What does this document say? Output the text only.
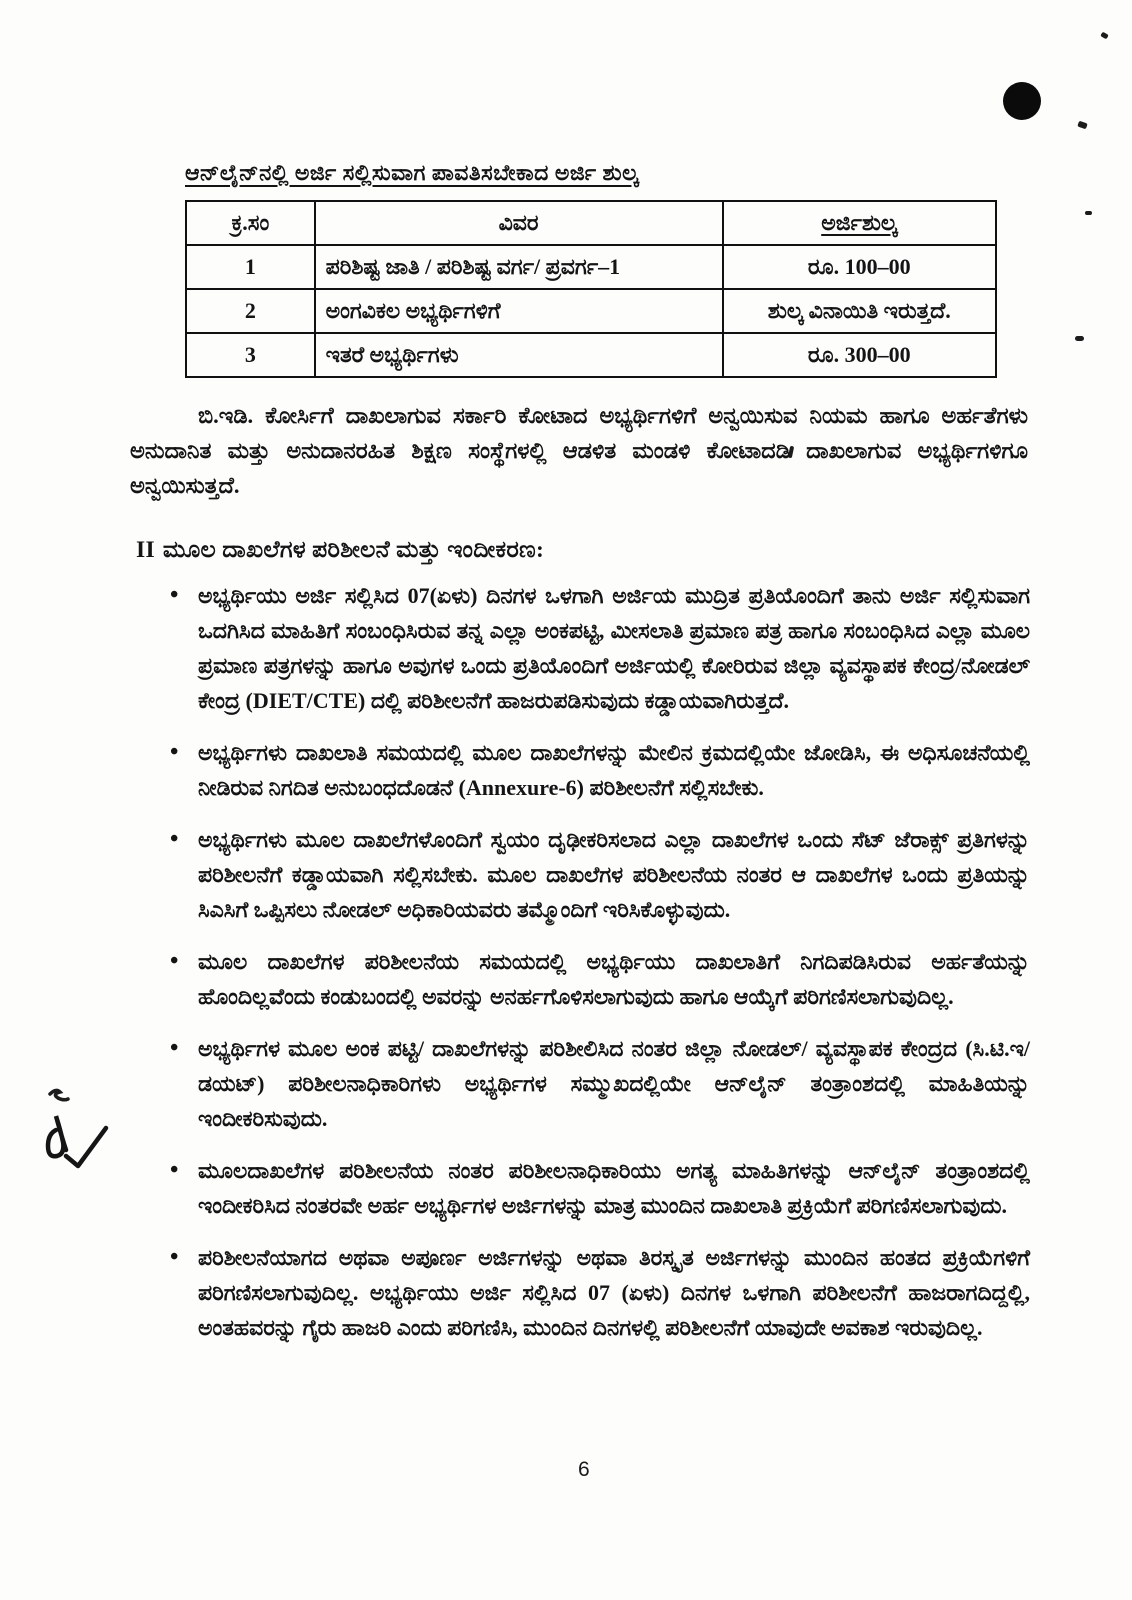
ಆನ್‌ಲೈನ್‌ನಲ್ಲಿ ಅರ್ಜಿ ಸಲ್ಲಿಸುವಾಗ ಪಾವತಿಸಬೇಕಾದ ಅರ್ಜಿ ಶುಲ್ಕ
ಕ್ರ.ಸಂ	ವಿವರ	ಅರ್ಜಿಶುಲ್ಕ
1	ಪರಿಶಿಷ್ಟ ಜಾತಿ / ಪರಿಶಿಷ್ಟ ವರ್ಗ/ ಪ್ರವರ್ಗ–1	ರೂ. 100–00
2	ಅಂಗವಿಕಲ ಅಭ್ಯರ್ಥಿಗಳಿಗೆ	ಶುಲ್ಕ ವಿನಾಯಿತಿ ಇರುತ್ತದೆ.
3	ಇತರೆ ಅಭ್ಯರ್ಥಿಗಳು	ರೂ. 300–00

ಬಿ.ಇಡಿ. ಕೋರ್ಸಿಗೆ ದಾಖಲಾಗುವ ಸರ್ಕಾರಿ ಕೋಟಾದ ಅಭ್ಯರ್ಥಿಗಳಿಗೆ ಅನ್ವಯಿಸುವ ನಿಯಮ ಹಾಗೂ ಅರ್ಹತೆಗಳು ಅನುದಾನಿತ ಮತ್ತು ಅನುದಾನರಹಿತ ಶಿಕ್ಷಣ ಸಂಸ್ಥೆಗಳಲ್ಲಿ ಆಡಳಿತ ಮಂಡಳಿ ಕೋಟಾದಡಿ ದಾಖಲಾಗುವ ಅಭ್ಯರ್ಥಿಗಳಿಗೂ ಅನ್ವಯಿಸುತ್ತದೆ.

II ಮೂಲ ದಾಖಲೆಗಳ ಪರಿಶೀಲನೆ ಮತ್ತು ಇಂದೀಕರಣ:
• ಅಭ್ಯರ್ಥಿಯು ಅರ್ಜಿ ಸಲ್ಲಿಸಿದ 07(ಏಳು) ದಿನಗಳ ಒಳಗಾಗಿ ಅರ್ಜಿಯ ಮುದ್ರಿತ ಪ್ರತಿಯೊಂದಿಗೆ ತಾನು ಅರ್ಜಿ ಸಲ್ಲಿಸುವಾಗ ಒದಗಿಸಿದ ಮಾಹಿತಿಗೆ ಸಂಬಂಧಿಸಿರುವ ತನ್ನ ಎಲ್ಲಾ ಅಂಕಪಟ್ಟಿ, ಮೀಸಲಾತಿ ಪ್ರಮಾಣ ಪತ್ರ ಹಾಗೂ ಸಂಬಂಧಿಸಿದ ಎಲ್ಲಾ ಮೂಲ ಪ್ರಮಾಣ ಪತ್ರಗಳನ್ನು ಹಾಗೂ ಅವುಗಳ ಒಂದು ಪ್ರತಿಯೊಂದಿಗೆ ಅರ್ಜಿಯಲ್ಲಿ ಕೋರಿರುವ ಜಿಲ್ಲಾ ವ್ಯವಸ್ಥಾಪಕ ಕೇಂದ್ರ/ನೋಡಲ್ ಕೇಂದ್ರ (DIET/CTE) ದಲ್ಲಿ ಪರಿಶೀಲನೆಗೆ ಹಾಜರುಪಡಿಸುವುದು ಕಡ್ಡಾಯವಾಗಿರುತ್ತದೆ.
• ಅಭ್ಯರ್ಥಿಗಳು ದಾಖಲಾತಿ ಸಮಯದಲ್ಲಿ ಮೂಲ ದಾಖಲೆಗಳನ್ನು ಮೇಲಿನ ಕ್ರಮದಲ್ಲಿಯೇ ಜೋಡಿಸಿ, ಈ ಅಧಿಸೂಚನೆಯಲ್ಲಿ ನೀಡಿರುವ ನಿಗದಿತ ಅನುಬಂಧದೊಡನೆ (Annexure-6) ಪರಿಶೀಲನೆಗೆ ಸಲ್ಲಿಸಬೇಕು.
• ಅಭ್ಯರ್ಥಿಗಳು ಮೂಲ ದಾಖಲೆಗಳೊಂದಿಗೆ ಸ್ವಯಂ ದೃಢೀಕರಿಸಲಾದ ಎಲ್ಲಾ ದಾಖಲೆಗಳ ಒಂದು ಸೆಟ್ ಜೆರಾಕ್ಸ್ ಪ್ರತಿಗಳನ್ನು ಪರಿಶೀಲನೆಗೆ ಕಡ್ಡಾಯವಾಗಿ ಸಲ್ಲಿಸಬೇಕು. ಮೂಲ ದಾಖಲೆಗಳ ಪರಿಶೀಲನೆಯ ನಂತರ ಆ ದಾಖಲೆಗಳ ಒಂದು ಪ್ರತಿಯನ್ನು ಸಿಎಸಿಗೆ ಒಪ್ಪಿಸಲು ನೋಡಲ್ ಅಧಿಕಾರಿಯವರು ತಮ್ಮೊಂದಿಗೆ ಇರಿಸಿಕೊಳ್ಳುವುದು.
• ಮೂಲ ದಾಖಲೆಗಳ ಪರಿಶೀಲನೆಯ ಸಮಯದಲ್ಲಿ ಅಭ್ಯರ್ಥಿಯು ದಾಖಲಾತಿಗೆ ನಿಗದಿಪಡಿಸಿರುವ ಅರ್ಹತೆಯನ್ನು ಹೊಂದಿಲ್ಲವೆಂದು ಕಂಡುಬಂದಲ್ಲಿ ಅವರನ್ನು ಅನರ್ಹಗೊಳಿಸಲಾಗುವುದು ಹಾಗೂ ಆಯ್ಕೆಗೆ ಪರಿಗಣಿಸಲಾಗುವುದಿಲ್ಲ.
• ಅಭ್ಯರ್ಥಿಗಳ ಮೂಲ ಅಂಕ ಪಟ್ಟಿ/ ದಾಖಲೆಗಳನ್ನು ಪರಿಶೀಲಿಸಿದ ನಂತರ ಜಿಲ್ಲಾ ನೋಡಲ್/ ವ್ಯವಸ್ಥಾಪಕ ಕೇಂದ್ರದ (ಸಿ.ಟಿ.ಇ/ಡಯಟ್) ಪರಿಶೀಲನಾಧಿಕಾರಿಗಳು ಅಭ್ಯರ್ಥಿಗಳ ಸಮ್ಮುಖದಲ್ಲಿಯೇ ಆನ್‌ಲೈನ್ ತಂತ್ರಾಂಶದಲ್ಲಿ ಮಾಹಿತಿಯನ್ನು ಇಂದೀಕರಿಸುವುದು.
• ಮೂಲದಾಖಲೆಗಳ ಪರಿಶೀಲನೆಯ ನಂತರ ಪರಿಶೀಲನಾಧಿಕಾರಿಯು ಅಗತ್ಯ ಮಾಹಿತಿಗಳನ್ನು ಆನ್‌ಲೈನ್ ತಂತ್ರಾಂಶದಲ್ಲಿ ಇಂದೀಕರಿಸಿದ ನಂತರವೇ ಅರ್ಹ ಅಭ್ಯರ್ಥಿಗಳ ಅರ್ಜಿಗಳನ್ನು ಮಾತ್ರ ಮುಂದಿನ ದಾಖಲಾತಿ ಪ್ರಕ್ರಿಯೆಗೆ ಪರಿಗಣಿಸಲಾಗುವುದು.
• ಪರಿಶೀಲನೆಯಾಗದ ಅಥವಾ ಅಪೂರ್ಣ ಅರ್ಜಿಗಳನ್ನು ಅಥವಾ ತಿರಸ್ಕೃತ ಅರ್ಜಿಗಳನ್ನು ಮುಂದಿನ ಹಂತದ ಪ್ರಕ್ರಿಯೆಗಳಿಗೆ ಪರಿಗಣಿಸಲಾಗುವುದಿಲ್ಲ. ಅಭ್ಯರ್ಥಿಯು ಅರ್ಜಿ ಸಲ್ಲಿಸಿದ 07 (ಏಳು) ದಿನಗಳ ಒಳಗಾಗಿ ಪರಿಶೀಲನೆಗೆ ಹಾಜರಾಗದಿದ್ದಲ್ಲಿ, ಅಂತಹವರನ್ನು ಗೈರು ಹಾಜರಿ ಎಂದು ಪರಿಗಣಿಸಿ, ಮುಂದಿನ ದಿನಗಳಲ್ಲಿ ಪರಿಶೀಲನೆಗೆ ಯಾವುದೇ ಅವಕಾಶ ಇರುವುದಿಲ್ಲ.
6
